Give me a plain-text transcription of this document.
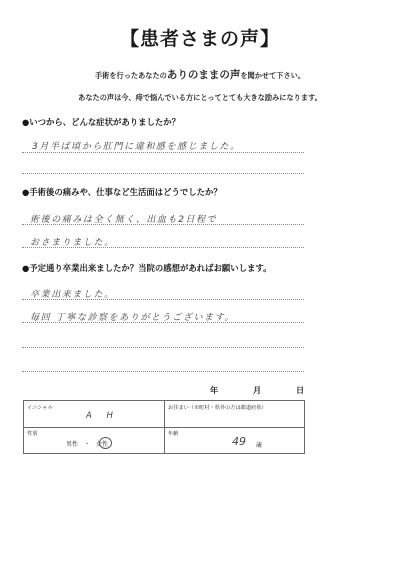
【患者さまの声】
手術を行ったあなたのありのままの声を聞かせて下さい。
あなたの声は今、痔で悩んでいる方にとってとても大きな励みになります。
●いつから、どんな症状がありましたか？
3月半ば頃から肛門に違和感を感じました。
●手術後の痛みや、仕事など生活面はどうでしたか？
術後の痛みは全く無く、出血も2日程で
おさまりました。
●予定通り卒業出来ましたか？当院の感想があればお願いします。
卒業出来ました。
毎回 丁寧な診察をありがとうございます。
年	月	日
イニシャル
A H
お住まい（市町村・県外の方は都道府県）
性別
男性　・　女性
年齢
49 歳
